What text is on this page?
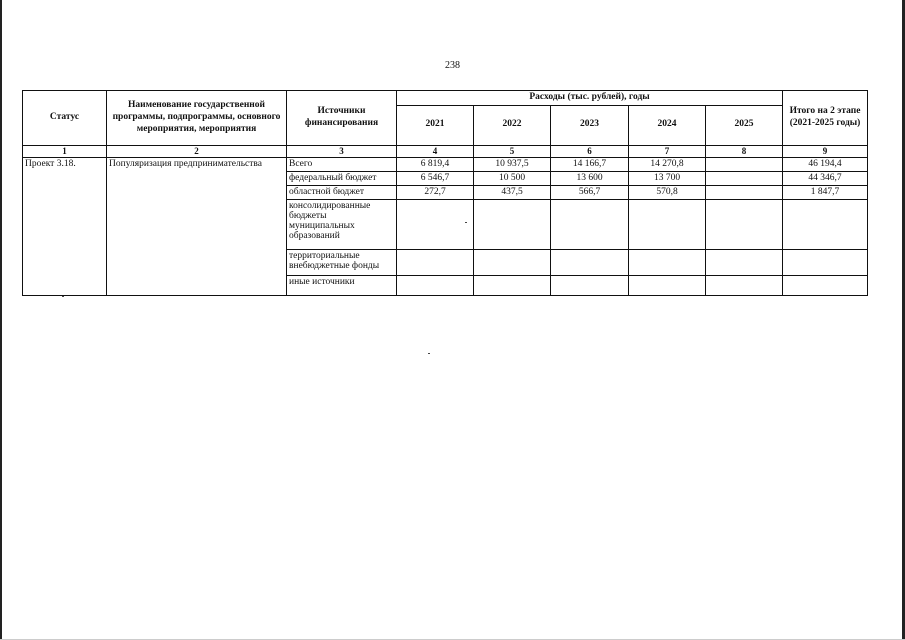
238
Статус	Наименование государственной программы, подпрограммы, основного мероприятия, мероприятия	Источники финансирования	Расходы (тыс. рублей), годы					Итого на 2 этапе (2021-2025 годы)
			2021	2022	2023	2024	2025	
1	2	3	4	5	6	7	8	9
Проект 3.18.	Популяризация предпринимательства	Всего	6 819,4	10 937,5	14 166,7	14 270,8		46 194,4
		федеральный бюджет	6 546,7	10 500	13 600	13 700		44 346,7
		областной бюджет	272,7	437,5	566,7	570,8		1 847,7
		консолидированные бюджеты муниципальных образований						
		территориальные внебюджетные фонды						
		иные источники						
